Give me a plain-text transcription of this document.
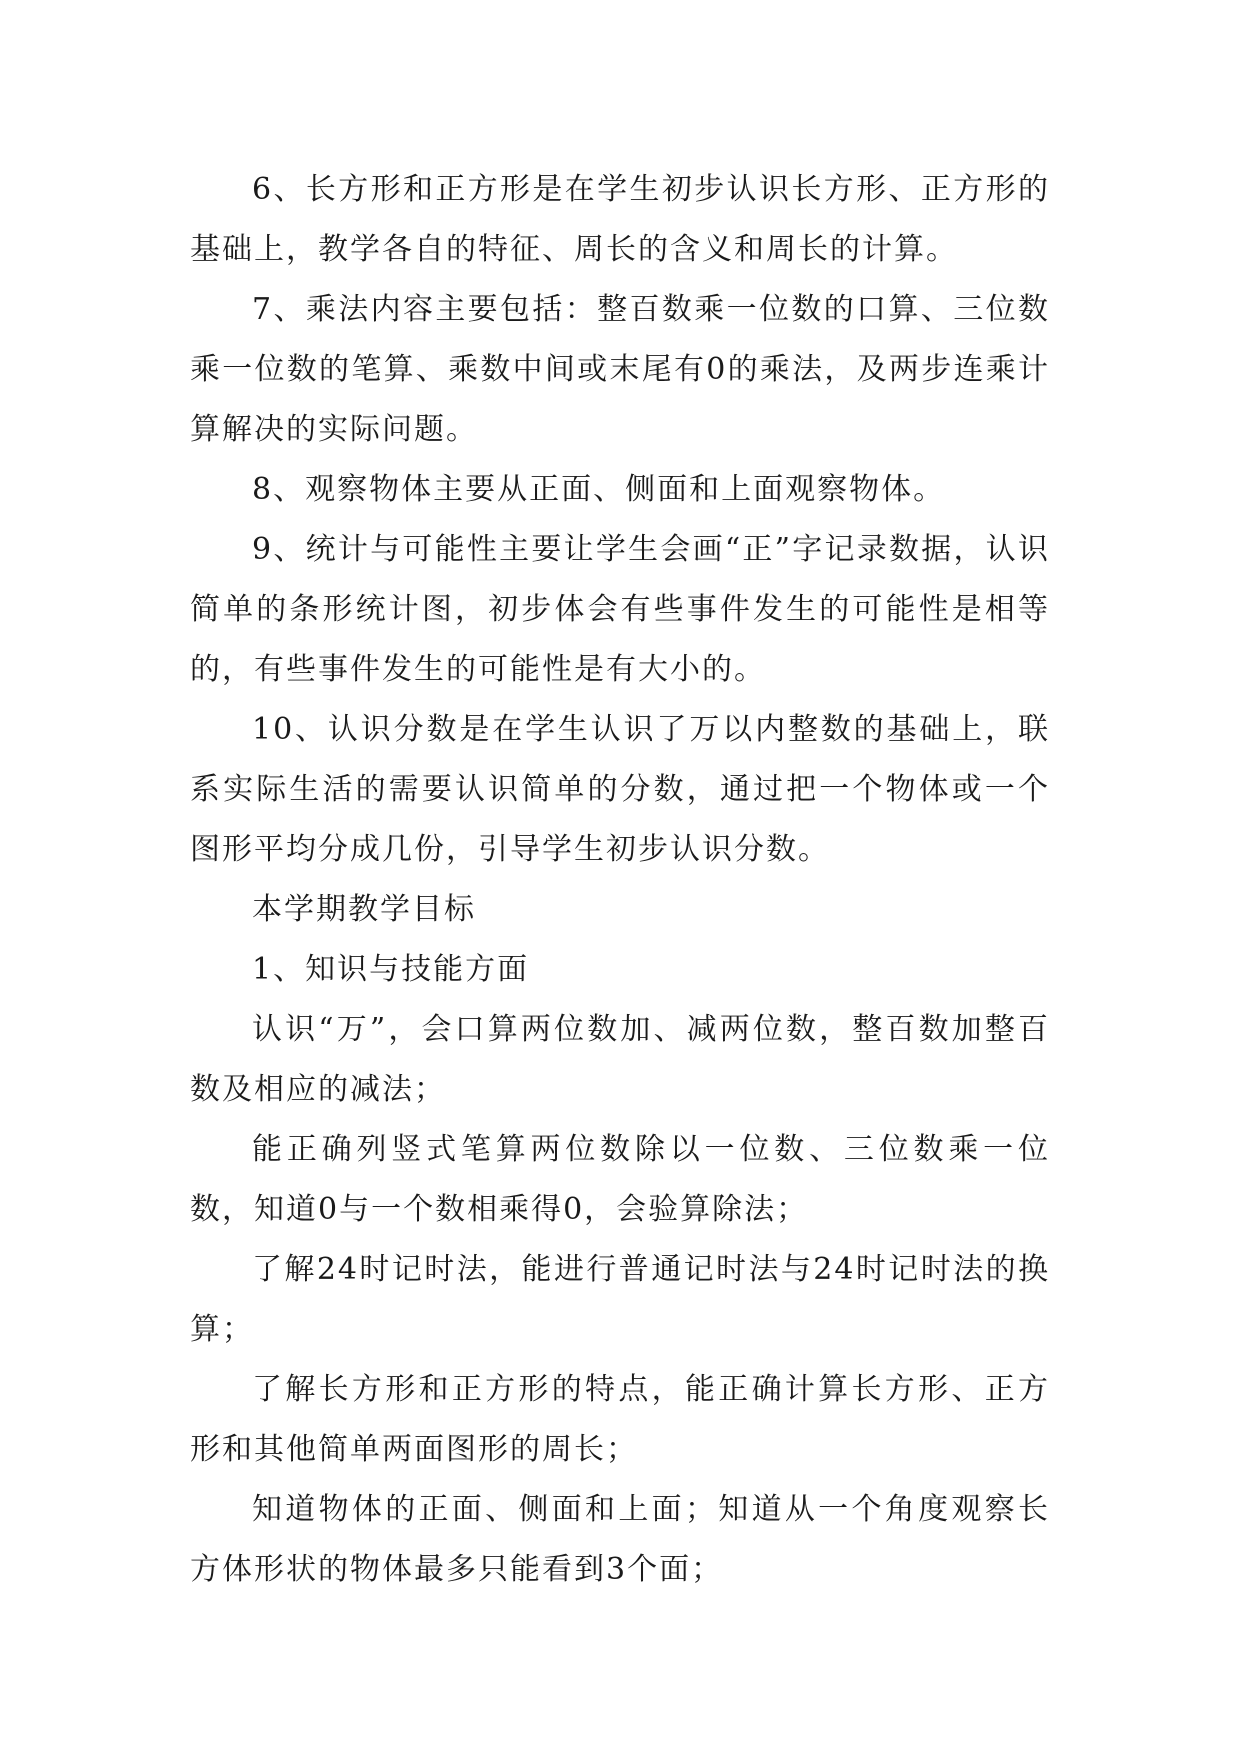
6、长方形和正方形是在学生初步认识长方形、正方形的基础上，教学各自的特征、周长的含义和周长的计算。

7、乘法内容主要包括：整百数乘一位数的口算、三位数乘一位数的笔算、乘数中间或末尾有0的乘法，及两步连乘计算解决的实际问题。

8、观察物体主要从正面、侧面和上面观察物体。

9、统计与可能性主要让学生会画“正”字记录数据，认识简单的条形统计图，初步体会有些事件发生的可能性是相等的，有些事件发生的可能性是有大小的。

10、认识分数是在学生认识了万以内整数的基础上，联系实际生活的需要认识简单的分数，通过把一个物体或一个图形平均分成几份，引导学生初步认识分数。

本学期教学目标

1、知识与技能方面

认识“万”，会口算两位数加、减两位数，整百数加整百数及相应的减法；

能正确列竖式笔算两位数除以一位数、三位数乘一位数，知道0与一个数相乘得0，会验算除法；

了解24时记时法，能进行普通记时法与24时记时法的换算；

了解长方形和正方形的特点，能正确计算长方形、正方形和其他简单两面图形的周长；

知道物体的正面、侧面和上面；知道从一个角度观察长方体形状的物体最多只能看到3个面；
